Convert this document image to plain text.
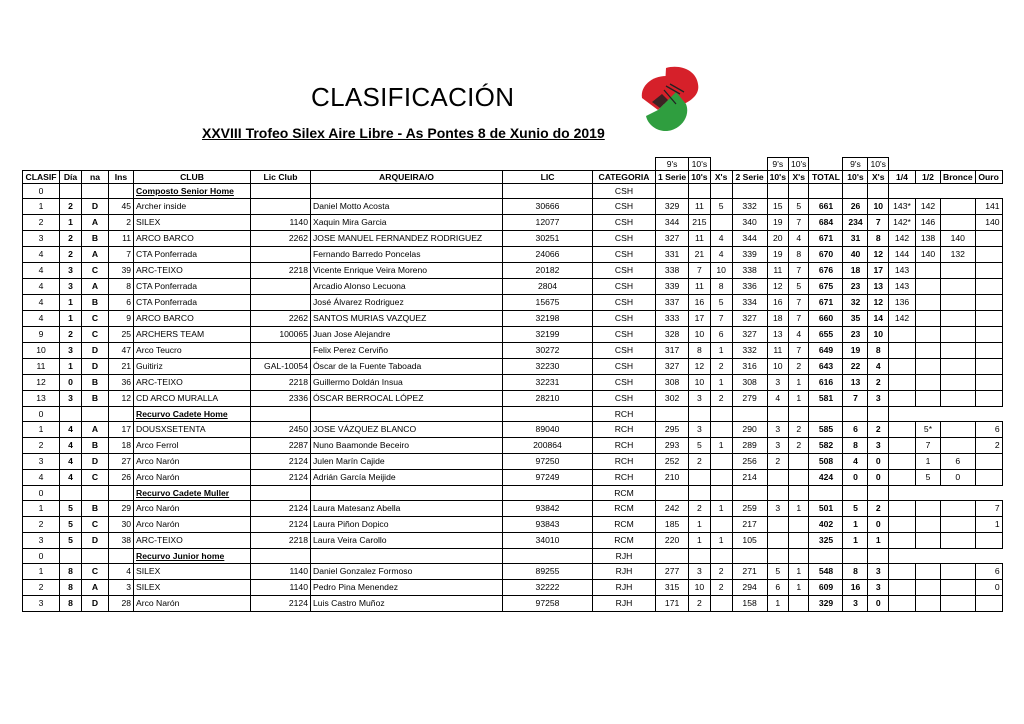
CLASIFICACIÓN
XXVIII Trofeo Silex Aire Libre - As Pontes 8 de Xunio do 2019
									9's	10's			9's	10's		9's	10's				
CLASIF	Día	na	Ins	CLUB	Lic Club	ARQUEIRA/O	LIC	CATEGORIA	1 Serie	10's	X's	2 Serie	10's	X's	TOTAL	10's	X's	1/4	1/2	Bronce	Ouro
0				Composto Senior Home				CSH													
1	2	D	45	Archer inside		Daniel Motto Acosta	30666	CSH	329	11	5	332	15	5	661	26	10	143*	142		141
2	1	A	2	SILEX	1140	Xaquin Mira Garcia	12077	CSH	344	215		340	19	7	684	234	7	142*	146		140
3	2	B	11	ARCO BARCO	2262	JOSE MANUEL FERNANDEZ RODRIGUEZ	30251	CSH	327	11	4	344	20	4	671	31	8	142	138	140	
4	2	A	7	CTA Ponferrada		Fernando Barredo Poncelas	24066	CSH	331	21	4	339	19	8	670	40	12	144	140	132	
4	3	C	39	ARC-TEIXO	2218	Vicente Enrique Veira Moreno	20182	CSH	338	7	10	338	11	7	676	18	17	143			
4	3	A	8	CTA Ponferrada		Arcadio Alonso Lecuona	2804	CSH	339	11	8	336	12	5	675	23	13	143			
4	1	B	6	CTA Ponferrada		José Álvarez Rodriguez	15675	CSH	337	16	5	334	16	7	671	32	12	136			
4	1	C	9	ARCO BARCO	2262	SANTOS MURIAS VAZQUEZ	32198	CSH	333	17	7	327	18	7	660	35	14	142			
9	2	C	25	ARCHERS TEAM	100065	Juan Jose Alejandre	32199	CSH	328	10	6	327	13	4	655	23	10				
10	3	D	47	Arco Teucro		Felix Perez Cerviño	30272	CSH	317	8	1	332	11	7	649	19	8				
11	1	D	21	Guitiriz	GAL-10054	Óscar de la Fuente Taboada	32230	CSH	327	12	2	316	10	2	643	22	4				
12	0	B	36	ARC-TEIXO	2218	Guillermo Doldán Insua	32231	CSH	308	10	1	308	3	1	616	13	2				
13	3	B	12	CD ARCO MURALLA	2336	ÓSCAR BERROCAL LÓPEZ	28210	CSH	302	3	2	279	4	1	581	7	3				
0				Recurvo Cadete Home				RCH													
1	4	A	17	DOUSXSETENTA	2450	JOSE VÁZQUEZ BLANCO	89040	RCH	295	3		290	3	2	585	6	2		5*		6
2	4	B	18	Arco Ferrol	2287	Nuno Baamonde Beceiro	200864	RCH	293	5	1	289	3	2	582	8	3		7		2
3	4	D	27	Arco Narón	2124	Julen Marín Cajide	97250	RCH	252	2		256	2		508	4	0		1	6	
4	4	C	26	Arco Narón	2124	Adrián García Meijide	97249	RCH	210			214			424	0	0		5	0	
0				Recurvo Cadete Muller				RCM													
1	5	B	29	Arco Narón	2124	Laura Matesanz Abella	93842	RCM	242	2	1	259	3	1	501	5	2				7
2	5	C	30	Arco Narón	2124	Laura Piñon Dopico	93843	RCM	185	1		217			402	1	0				1
3	5	D	38	ARC-TEIXO	2218	Laura Veira Carollo	34010	RCM	220	1	1	105			325	1	1				
0				Recurvo Junior home				RJH													
1	8	C	4	SILEX	1140	Daniel Gonzalez Formoso	89255	RJH	277	3	2	271	5	1	548	8	3				6
2	8	A	3	SILEX	1140	Pedro Pina Menendez	32222	RJH	315	10	2	294	6	1	609	16	3				0
3	8	D	28	Arco Narón	2124	Luis Castro Muñoz	97258	RJH	171	2		158	1		329	3	0				
